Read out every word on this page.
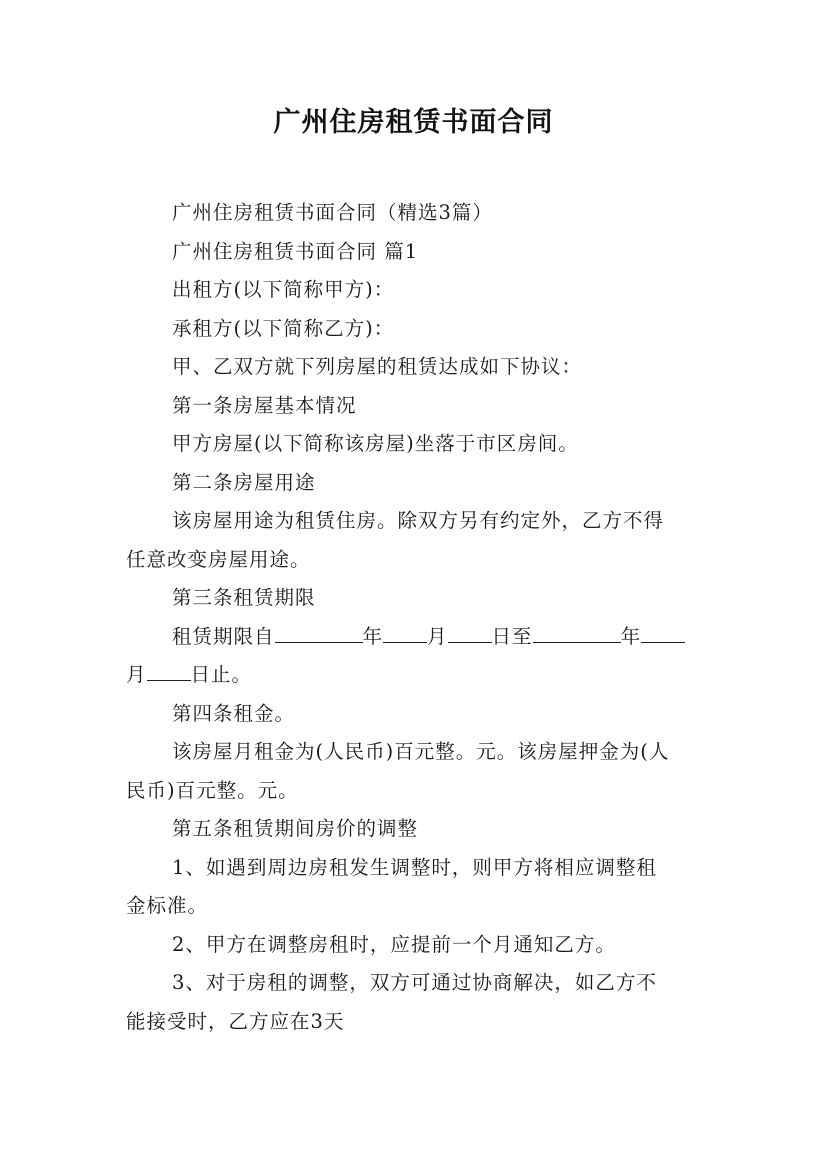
广州住房租赁书面合同
广州住房租赁书面合同（精选3篇）
广州住房租赁书面合同 篇1
出租方(以下简称甲方)：
承租方(以下简称乙方)：
甲、乙双方就下列房屋的租赁达成如下协议：
第一条房屋基本情况
甲方房屋(以下简称该房屋)坐落于市区房间。
第二条房屋用途
该房屋用途为租赁住房。除双方另有约定外，乙方不得
任意改变房屋用途。
第三条租赁期限
租赁期限自	年 月 日至	年
月 日止。
第四条租金。
该房屋月租金为(人民币)百元整。元。该房屋押金为(人
民币)百元整。元。
第五条租赁期间房价的调整
1、如遇到周边房租发生调整时，则甲方将相应调整租
金标准。
2、甲方在调整房租时，应提前一个月通知乙方。
3、对于房租的调整，双方可通过协商解决，如乙方不
能接受时，乙方应在3天
